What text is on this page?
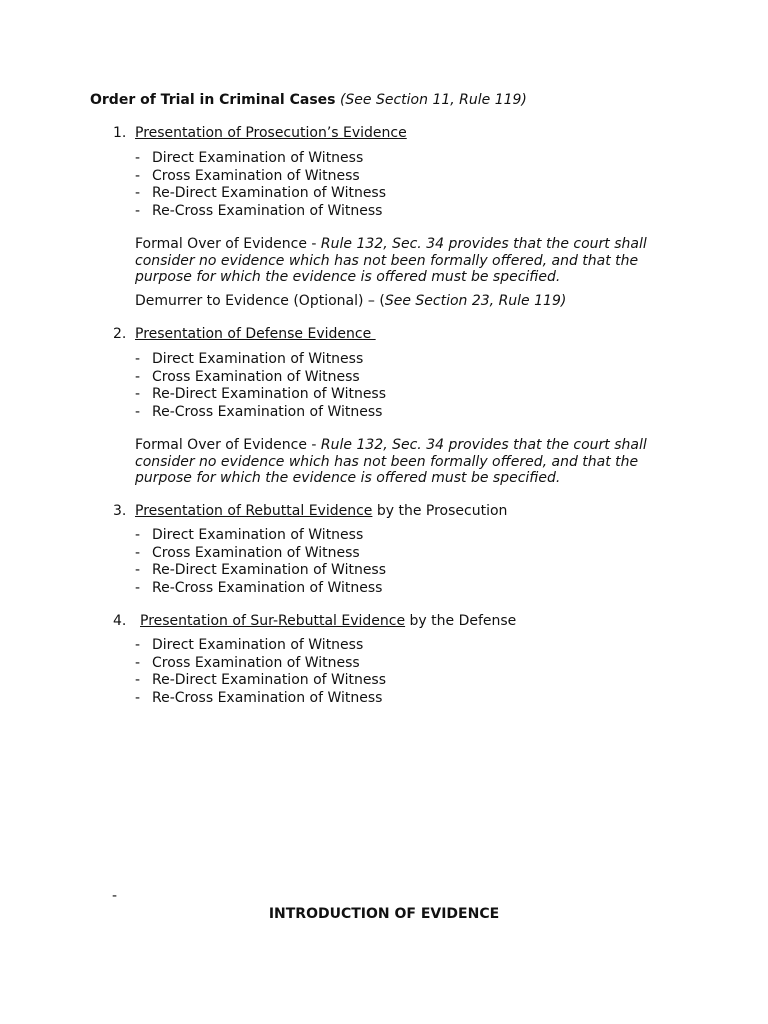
Order of Trial in Criminal Cases (See Section 11, Rule 119)
1. Presentation of Prosecution’s Evidence
- Direct Examination of Witness
- Cross Examination of Witness
- Re-Direct Examination of Witness
- Re-Cross Examination of Witness
Formal Over of Evidence - Rule 132, Sec. 34 provides that the court shall consider no evidence which has not been formally offered, and that the purpose for which the evidence is offered must be specified.
Demurrer to Evidence (Optional) – (See Section 23, Rule 119)
2. Presentation of Defense Evidence
- Direct Examination of Witness
- Cross Examination of Witness
- Re-Direct Examination of Witness
- Re-Cross Examination of Witness
Formal Over of Evidence - Rule 132, Sec. 34 provides that the court shall consider no evidence which has not been formally offered, and that the purpose for which the evidence is offered must be specified.
3. Presentation of Rebuttal Evidence by the Prosecution
- Direct Examination of Witness
- Cross Examination of Witness
- Re-Direct Examination of Witness
- Re-Cross Examination of Witness
4. Presentation of Sur-Rebuttal Evidence by the Defense
- Direct Examination of Witness
- Cross Examination of Witness
- Re-Direct Examination of Witness
- Re-Cross Examination of Witness
-
INTRODUCTION OF EVIDENCE
